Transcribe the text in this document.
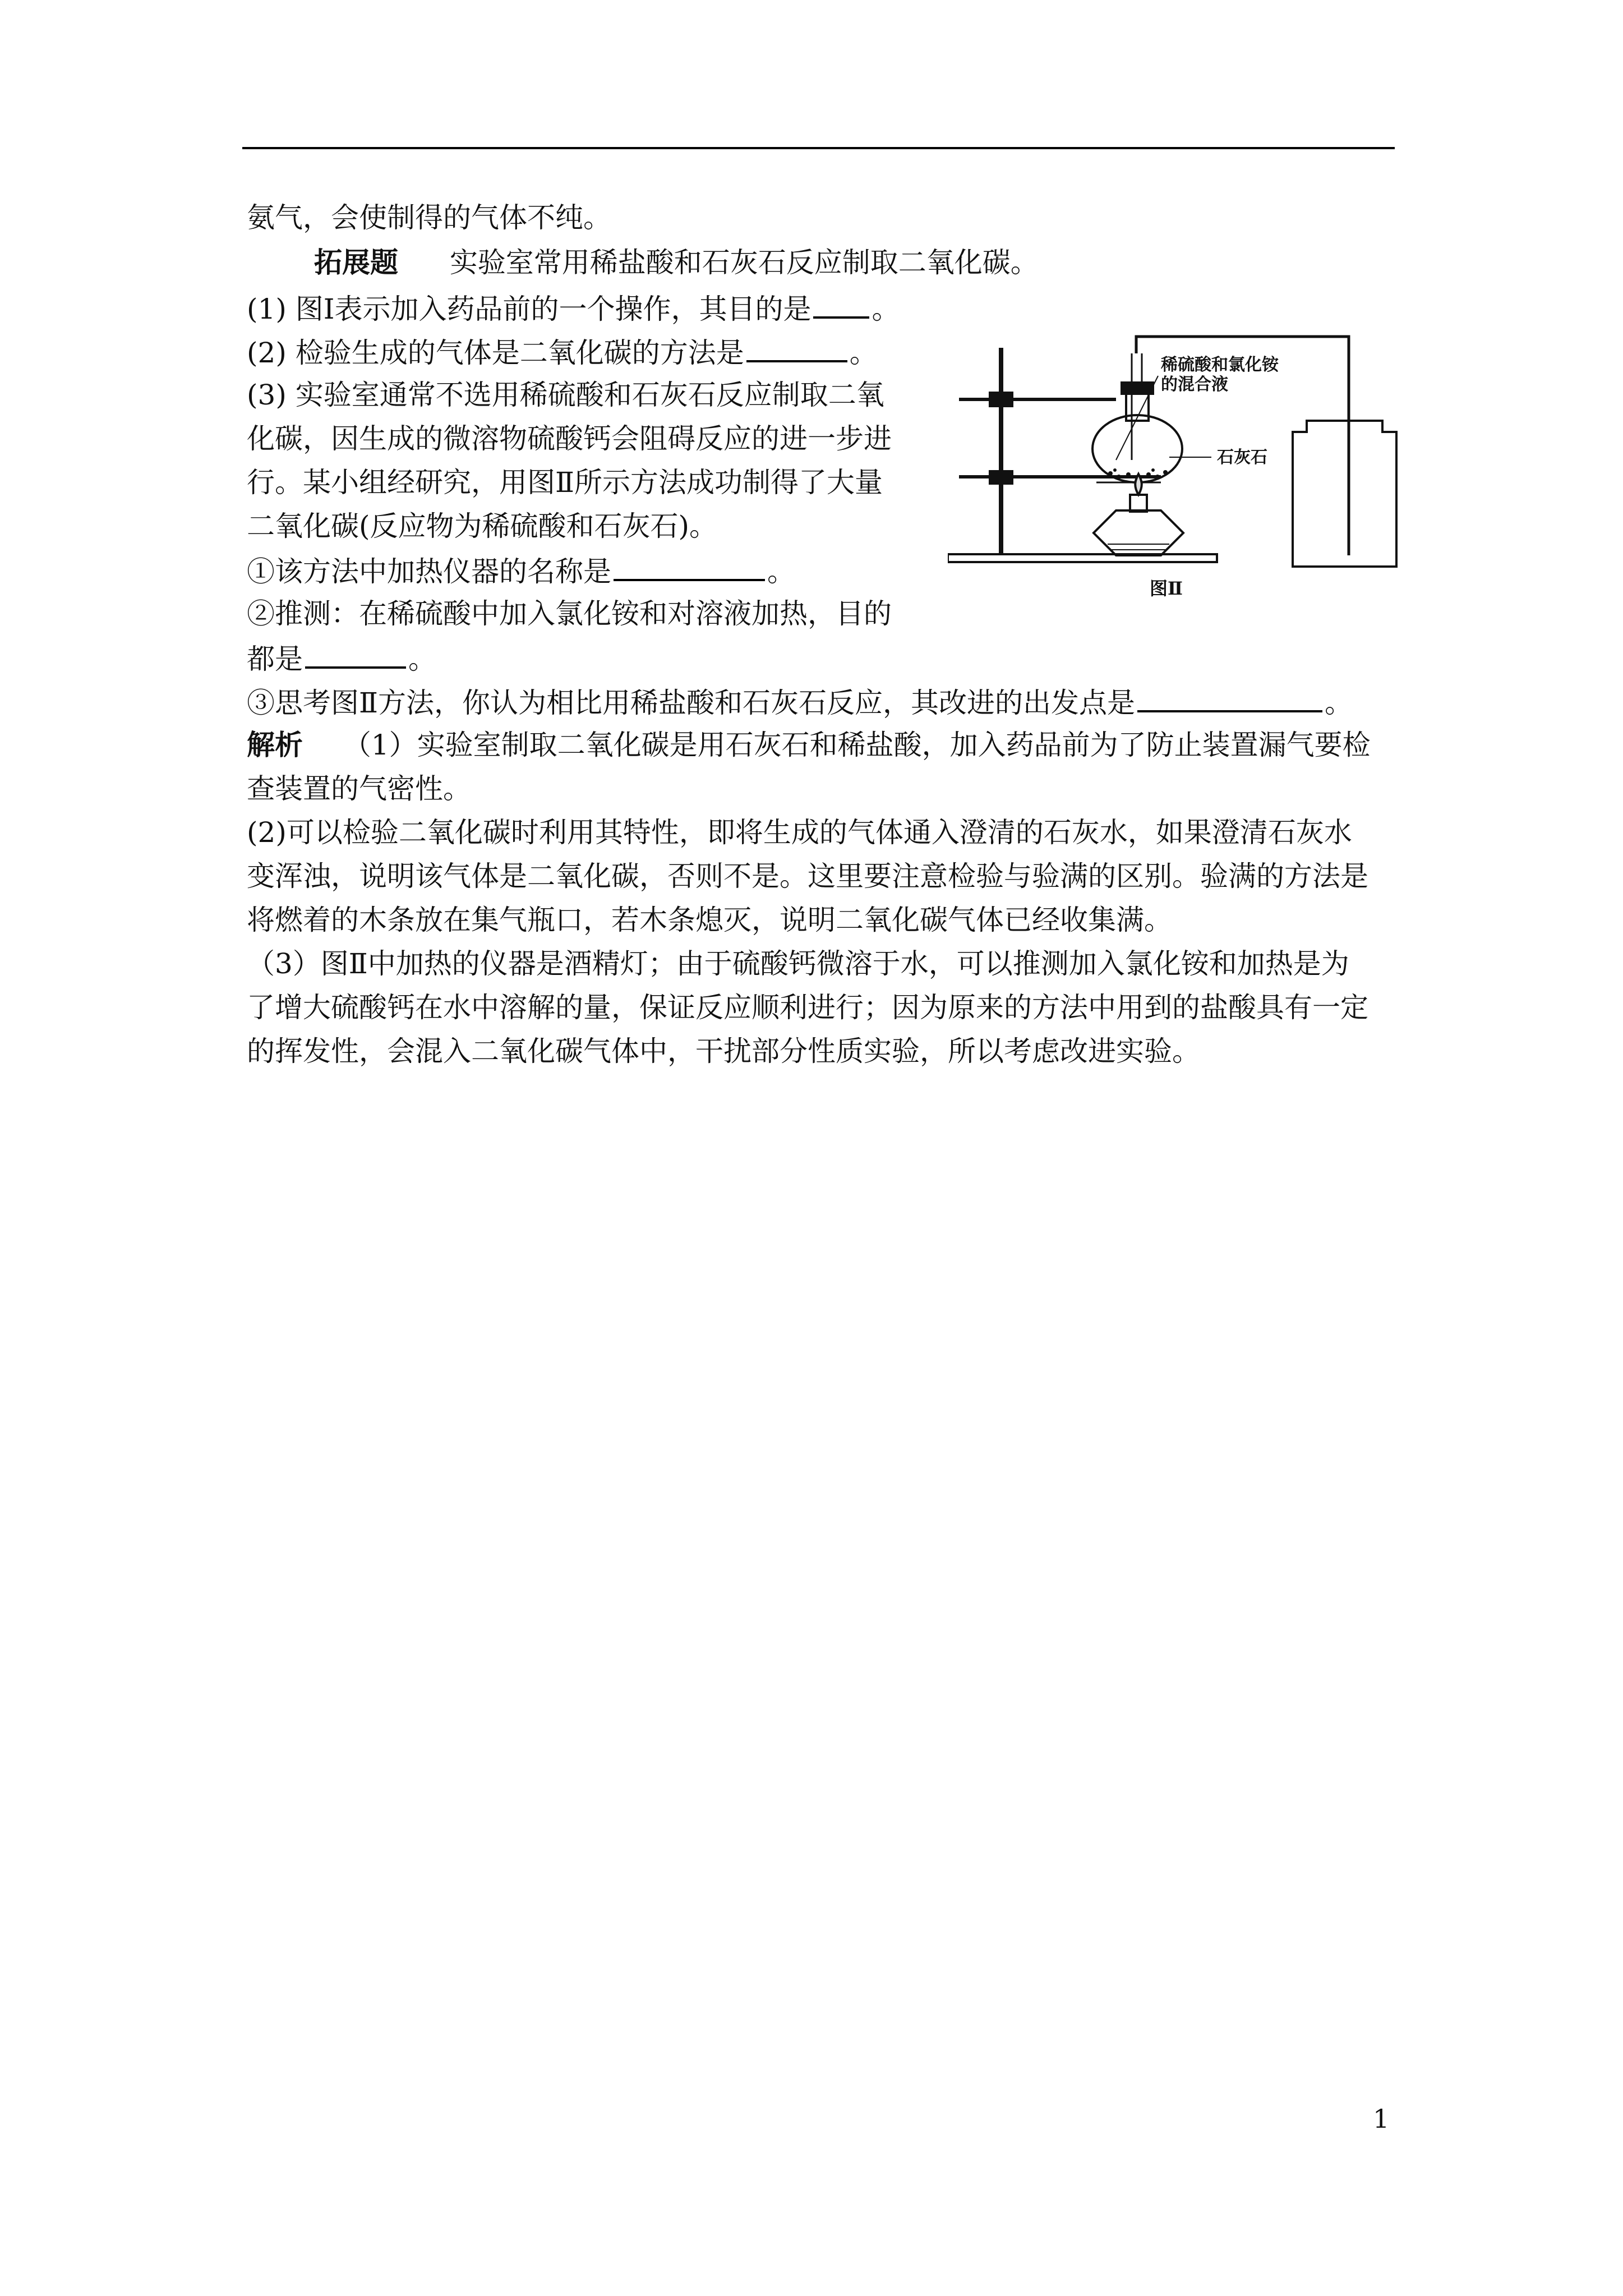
氨气，会使制得的气体不纯。
拓展题 实验室常用稀盐酸和石灰石反应制取二氧化碳。
(1) 图Ⅰ表示加入药品前的一个操作，其目的是 。
(2) 检验生成的气体是二氧化碳的方法是	。
(3) 实验室通常不选用稀硫酸和石灰石反应制取二氧
化碳，因生成的微溶物硫酸钙会阻碍反应的进一步进
行。某小组经研究，用图Ⅱ所示方法成功制得了大量
二氧化碳(反应物为稀硫酸和石灰石)。
①该方法中加热仪器的名称是	。
②推测：在稀硫酸中加入氯化铵和对溶液加热，目的
都是	。
③思考图Ⅱ方法，你认为相比用稀盐酸和石灰石反应，其改进的出发点是	。
解析 （1）实验室制取二氧化碳是用石灰石和稀盐酸，加入药品前为了防止装置漏气要检
查装置的气密性。
(2)可以检验二氧化碳时利用其特性，即将生成的气体通入澄清的石灰水，如果澄清石灰水
变浑浊，说明该气体是二氧化碳，否则不是。这里要注意检验与验满的区别。验满的方法是
将燃着的木条放在集气瓶口，若木条熄灭，说明二氧化碳气体已经收集满。
（3）图Ⅱ中加热的仪器是酒精灯；由于硫酸钙微溶于水，可以推测加入氯化铵和加热是为
了增大硫酸钙在水中溶解的量，保证反应顺利进行；因为原来的方法中用到的盐酸具有一定
的挥发性，会混入二氧化碳气体中，干扰部分性质实验，所以考虑改进实验。
稀硫酸和氯化铵
的混合液
石灰石
图Ⅱ
1
